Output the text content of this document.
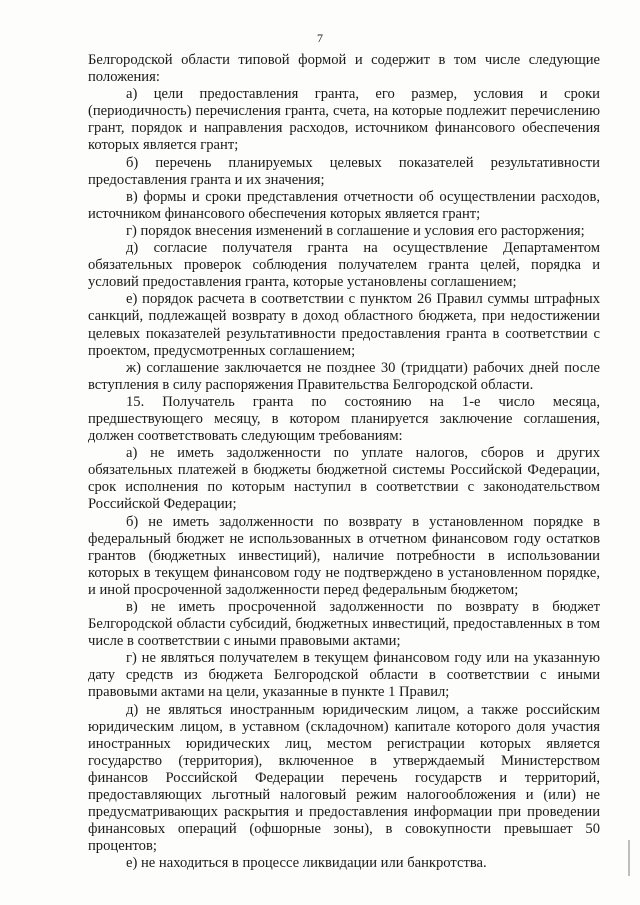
7

Белгородской области типовой формой и содержит в том числе следующие положения:

а) цели предоставления гранта, его размер, условия и сроки (периодичность) перечисления гранта, счета, на которые подлежит перечислению грант, порядок и направления расходов, источником финансового обеспечения которых является грант;

б) перечень планируемых целевых показателей результативности предоставления гранта и их значения;

в) формы и сроки представления отчетности об осуществлении расходов, источником финансового обеспечения которых является грант;

г) порядок внесения изменений в соглашение и условия его расторжения;

д) согласие получателя гранта на осуществление Департаментом обязательных проверок соблюдения получателем гранта целей, порядка и условий предоставления гранта, которые установлены соглашением;

е) порядок расчета в соответствии с пунктом 26 Правил суммы штрафных санкций, подлежащей возврату в доход областного бюджета, при недостижении целевых показателей результативности предоставления гранта в соответствии с проектом, предусмотренных соглашением;

ж) соглашение заключается не позднее 30 (тридцати) рабочих дней после вступления в силу распоряжения Правительства Белгородской области.

15. Получатель гранта по состоянию на 1-е число месяца, предшествующего месяцу, в котором планируется заключение соглашения, должен соответствовать следующим требованиям:

а) не иметь задолженности по уплате налогов, сборов и других обязательных платежей в бюджеты бюджетной системы Российской Федерации, срок исполнения по которым наступил в соответствии с законодательством Российской Федерации;

б) не иметь задолженности по возврату в установленном порядке в федеральный бюджет не использованных в отчетном финансовом году остатков грантов (бюджетных инвестиций), наличие потребности в использовании которых в текущем финансовом году не подтверждено в установленном порядке, и иной просроченной задолженности перед федеральным бюджетом;

в) не иметь просроченной задолженности по возврату в бюджет Белгородской области субсидий, бюджетных инвестиций, предоставленных в том числе в соответствии с иными правовыми актами;

г) не являться получателем в текущем финансовом году или на указанную дату средств из бюджета Белгородской области в соответствии с иными правовыми актами на цели, указанные в пункте 1 Правил;

д) не являться иностранным юридическим лицом, а также российским юридическим лицом, в уставном (складочном) капитале которого доля участия иностранных юридических лиц, местом регистрации которых является государство (территория), включенное в утверждаемый Министерством финансов Российской Федерации перечень государств и территорий, предоставляющих льготный налоговый режим налогообложения и (или) не предусматривающих раскрытия и предоставления информации при проведении финансовых операций (офшорные зоны), в совокупности превышает 50 процентов;

е) не находиться в процессе ликвидации или банкротства.
